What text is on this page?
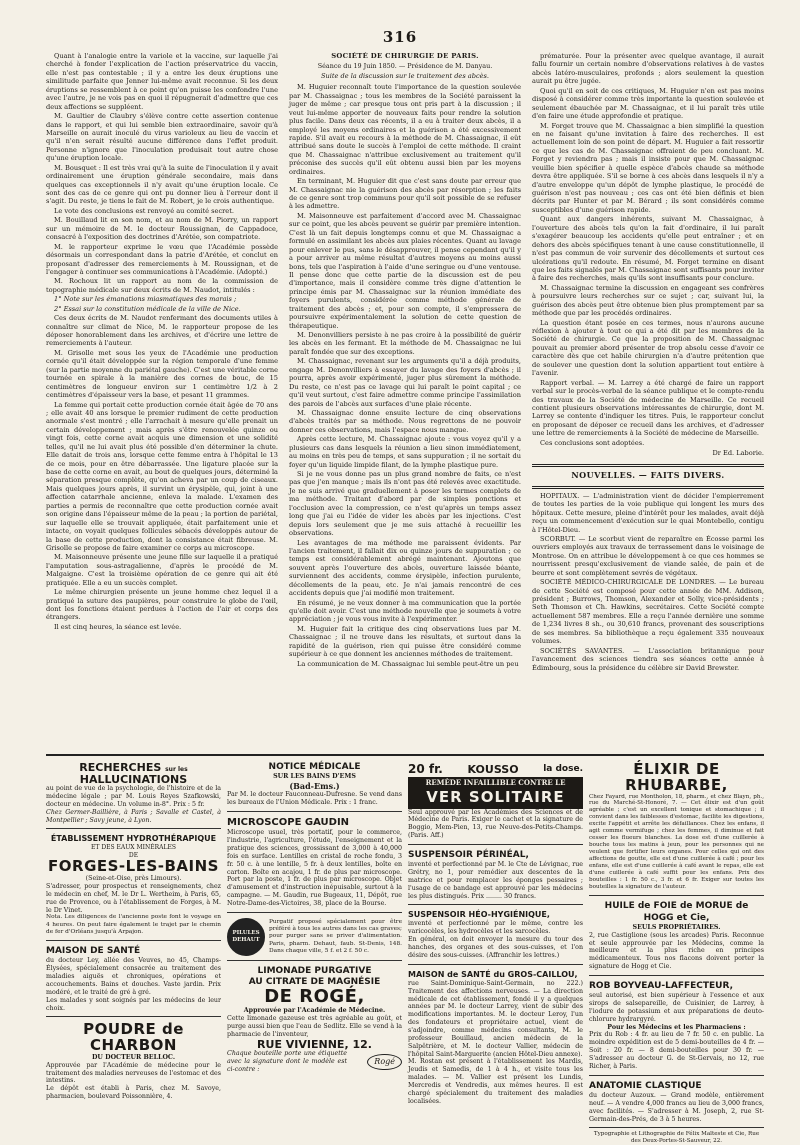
316

Quant à l'analogie entre la variole et la vaccine, sur laquelle j'ai cherché à fonder l'explication de l'action préservatrice du vaccin, elle n'est pas contestable ; il y a entre les deux éruptions une similitude parfaite que Jenner lui-même avait reconnue. Si les deux éruptions se ressemblent à ce point qu'on puisse les confondre l'une avec l'autre, je ne vois pas en quoi il répugnerait d'admettre que ces deux affections se suppléent.

M. Gaultier de Claubry s'élève contre cette assertion contenue dans le rapport, et qui lui semble bien extraordinaire, savoir qu'à Marseille on aurait inoculé du virus varioleux au lieu de vaccin et qu'il n'en serait résulté aucune différence dans l'effet produit. Personne n'ignore que l'inoculation produisait tout autre chose qu'une éruption locale.

M. Bousquet : Il est très vrai qu'à la suite de l'inoculation il y avait ordinairement une éruption générale secondaire, mais dans quelques cas exceptionnels il n'y avait qu'une éruption locale. Ce sont des cas de ce genre qui ont pu donner lieu à l'erreur dont il s'agit. Du reste, je tiens le fait de M. Robert, je le crois authentique.

Le vote des conclusions est renvoyé au comité secret.

M. Bouillaud lit en son nom, et au nom de M. Piorry, un rapport sur un mémoire de M. le docteur Roussignan, de Cappadoce, consacré à l'exposition des doctrines d'Arétée, son compatriote.

M. le rapporteur exprime le vœu que l'Académie possède désormais un correspondant dans la patrie d'Arétée, et conclut en proposant d'adresser des remerciements à M. Roussignan, et de l'engager à continuer ses communications à l'Académie. (Adopté.)

M. Rochoux lit un rapport au nom de la commission de topographie médicale sur deux écrits de M. Naudot, intitulés :

1° Note sur les émanations miasmatiques des marais ;

2° Essai sur la constitution médicale de la ville de Nice.

Ces deux écrits de M. Naudot renfermant des documents utiles à connaître sur climat de Nice, M. le rapporteur propose de les déposer honorablement dans les archives, et d'écrire une lettre de remerciements à l'auteur.

M. Grisolle met sous les yeux de l'Académie une production cornée qu'il était développée sur la région temporale d'une femme (sur la partie moyenne du pariétal gauche). C'est une véritable corne tournée en spirale à la manière des cornes de bouc, de 15 centimètres de longueur environ sur 1 centimètre 1/2 à 2 centimètres d'épaisseur vers la base, et pesant 11 grammes.

La femme qui portait cette production cornée était âgée de 70 ans ; elle avait 40 ans lorsque le premier rudiment de cette production anormale s'est montré ; elle l'arrachait à mesure qu'elle prenait un certain développement ; mais après s'être renouvelée quinze ou vingt fois, cette corne avait acquis une dimension et une solidité telles, qu'il ne lui avait plus été possible d'en déterminer la chute. Elle datait de trois ans, lorsque cette femme entra à l'hôpital le 13 de ce mois, pour en être débarrassée. Une ligature placée sur la base de cette corne en avait, au bout de quelques jours, déterminé la séparation presque complète, qu'on acheva par un coup de ciseaux. Mais quelques jours après, il survint un érysipèle, qui, joint à une affection catarrhale ancienne, enleva la malade. L'examen des parties a permis de reconnaître que cette production cornée avait son origine dans l'épaisseur même de la peau ; la portion de pariétal, sur laquelle elle se trouvait appliquée, était parfaitement unie et intacte, on voyait quelques follicules sébacés développés autour de la base de cette production, dont la consistance était fibreuse. M. Grisolle se propose de faire examiner ce corps au microscope.

M. Maisonneuve présente une jeune fille sur laquelle il a pratiqué l'amputation sous-astragalienne, d'après le procédé de M. Malgaigne. C'est la troisième opération de ce genre qui ait été pratiquée. Elle a eu un succès complet.

Le même chirurgien présente un jeune homme chez lequel il a pratiqué la suture des paupières, pour construire le globe de l'œil, dont les fonctions étaient perdues à l'action de l'air et corps des étrangers.

Il est cinq heures, la séance est levée.

SOCIÉTÉ DE CHIRURGIE DE PARIS.
Séance du 19 Juin 1850. — Présidence de M. Danyau.
Suite de la discussion sur le traitement des abcès.

M. Huguier reconnaît toute l'importance de la question soulevée par M. Chassaignac ; tous les membres de la Société paraissent la juger de même ; car presque tous ont pris part à la discussion ; il veut lui-même apporter de nouveaux faits pour rendre la solution plus facile. Dans deux cas récents, il a eu à traiter deux abcès, il a employé les moyens ordinaires et la guérison a été excessivement rapide. S'il avait eu recours à la méthode de M. Chassaignac, il eût attribué sans doute le succès à l'emploi de cette méthode. Il craint que M. Chassaignac n'attribue exclusivement au traitement qu'il préconise des succès qu'il eût obtenu aussi bien par les moyens ordinaires.

En terminant, M. Huguier dit que c'est sans doute par erreur que M. Chassaignac nie la guérison des abcès par résorption ; les faits de ce genre sont trop communs pour qu'il soit possible de se refuser à les admettre.

M. Maisonneuve est parfaitement d'accord avec M. Chassaignac sur ce point, que les abcès peuvent se guérir par première intention. C'est là un fait depuis longtemps connu et que M. Chassaignac a formulé en assimilant les abcès aux plaies récentes. Quant au lavage pour enlever le pus, sans le désapprouver, il pense cependant qu'il y a pour arriver au même résultat d'autres moyens au moins aussi bons, tels que l'aspiration à l'aide d'une seringue ou d'une ventouse. Il pense donc que cette partie de la discussion est de peu d'importance, mais il considère comme très digne d'attention le principe émis par M. Chassaignac sur la réunion immédiate des foyers purulents, considérée comme méthode générale de traitement des abcès ; et, pour son compte, il s'empressera de poursuivre expérimentalement la solution de cette question de thérapeutique.

M. Denonvilliers persiste à ne pas croire à la possibilité de guérir les abcès en les fermant. Et la méthode de M. Chassaignac ne lui paraît fondée que sur des exceptions.

M. Chassaignac, revenant sur les arguments qu'il a déjà produits, engage M. Denonvilliers à essayer du lavage des foyers d'abcès ; il pourra, après avoir expérimenté, juger plus sûrement la méthode. Du reste, ce n'est pas ce lavage qui lui paraît le point capital ; ce qu'il veut surtout, c'est faire admettre comme principe l'assimilation des parois de l'abcès aux surfaces d'une plaie récente.

M. Chassaignac donne ensuite lecture de cinq observations d'abcès traités par sa méthode. Nous regrettons de ne pouvoir donner ces observations, mais l'espace nous manque.

Après cette lecture, M. Chassaignac ajoute : vous voyez qu'il y a plusieurs cas dans lesquels la réunion a lieu sinon immédiatement, au moins en très peu de temps, et sans suppuration ; il ne sortait du foyer qu'un liquide limpide filant, de la lymphe plastique pure.

Si je ne vous donne pas un plus grand nombre de faits, ce n'est pas que j'en manque ; mais ils n'ont pas été relevés avec exactitude. Je ne suis arrivé que graduellement à poser les termes complets de ma méthode. Traitant d'abord par de simples ponctions et l'occlusion avec la compression, ce n'est qu'après un temps assez long que j'ai eu l'idée de vider les abcès par les injections. C'est depuis lors seulement que je me suis attaché à recueillir les observations.

Les avantages de ma méthode me paraissent évidents. Par l'ancien traitement, il fallait dix ou quinze jours de suppuration ; ce temps est considérablement abrégé maintenant. Ajoutons que souvent après l'ouverture des abcès, ouverture laissée béante, surviennent des accidents, comme érysipèle, infection purulente, décollements de la peau, etc. Je n'ai jamais rencontré de ces accidents depuis que j'ai modifié mon traitement.

En résumé, je ne veux donner à ma communication que la portée qu'elle doit avoir. C'est une méthode nouvelle que je soumets à votre appréciation ; je vous vous invite à l'expérimenter.

M. Huguier fait la critique des cinq observations lues par M. Chassaignac ; il ne trouve dans les résultats, et surtout dans la rapidité de la guérison, rien qui puisse être considéré comme supérieur à ce que donnent les anciennes méthodes de traitement.

La communication de M. Chassaignac lui semble peut-être un peu

prématurée. Pour la présenter avec quelque avantage, il aurait fallu fournir un certain nombre d'observations relatives à de vastes abcès latéro-musculaires, profonds ; alors seulement la question aurait pu être jugée.

Quoi qu'il en soit de ces critiques, M. Huguier n'en est pas moins disposé à considérer comme très importante la question soulevée et seulement ébauchée par M. Chassaignac, et il lui paraît très utile d'en faire une étude approfondie et pratique.

M. Forget trouve que M. Chassaignac a bien simplifié la question en ne faisant qu'une invitation à faire des recherches. Il est actuellement loin de son point de départ. M. Huguier a fait ressortir ce que les cas de M. Chassaignac offraient de peu concluant. M. Forget y reviendra pas ; mais il insiste pour que M. Chassaignac veuille bien spécifier à quelle espèce d'abcès chaude sa méthode devra être appliquée. S'il se borne à ces abcès dans lesquels il n'y a d'autre enveloppe qu'un dépôt de lymphe plastique, le procédé de guérison n'est pas nouveau ; ces cas ont été bien définis et bien décrits par Hunter et par M. Bérard ; ils sont considérés comme susceptibles d'une guérison rapide.

Quant aux dangers inhérents, suivant M. Chassaignac, à l'ouverture des abcès tels qu'on la fait d'ordinaire, il lui paraît s'exagérer beaucoup les accidents qu'elle peut entraîner ; et en dehors des abcès spécifiques tenant à une cause constitutionnelle, il n'est pas commun de voir survenir des décollements et surtout ces ulcérations qu'il redoute. En résumé, M. Forget termine en disant que les faits signalés par M. Chassaignac sont suffisants pour inviter à faire des recherches, mais qu'ils sont insuffisants pour conclure.

M. Chassaignac termine la discussion en engageant ses confrères à poursuivre leurs recherches sur ce sujet ; car, suivant lui, la guérison des abcès peut être obtenue bien plus promptement par sa méthode que par les procédés ordinaires.

La question étant posée en ces termes, nous n'aurons aucune réflexion à ajouter à tout ce qui a été dit par les membres de la Société de chirurgie. Ce que la proposition de M. Chassaignac pouvait au premier abord présenter de trop absolu cesse d'avoir ce caractère dès que cet habile chirurgien n'a d'autre prétention que de soulever une question dont la solution appartient tout entière à l'avenir.

Rapport verbal. — M. Larrey a été chargé de faire un rapport verbal sur le procès-verbal de la séance publique et le compte-rendu des travaux de la Société de médecine de Marseille. Ce recueil contient plusieurs observations intéressantes de chirurgie, dont M. Larrey se contente d'indiquer les titres. Puis, le rapporteur conclut en proposant de déposer ce recueil dans les archives, et d'adresser une lettre de remerciements à la Société de médecine de Marseille.

Ces conclusions sont adoptées.

Dr Ed. Laborie.
NOUVELLES. — FAITS DIVERS.

HOPITAUX. — L'administration vient de décider l'empierrement de toutes les parties de la voie publique qui longent les murs des hôpitaux. Cette mesure, pleine d'intérêt pour les malades, avait déjà reçu un commencement d'exécution sur le quai Montebello, contigu à l'Hôtel-Dieu.

SCORBUT. — Le scorbut vient de reparaître en Écosse parmi les ouvriers employés aux travaux de terrassement dans le voisinage de Montrose. On en attribue le développement à ce que ces hommes se nourrissent presqu'exclusivement de viande salée, de pain et de beurre et sont complètement sevrés de végétaux.

SOCIÉTÉ MÉDICO-CHIRURGICALE DE LONDRES. — Le bureau de cette Société est composé pour cette année de MM. Addison, président ; Burrows, Thomson, Alexander et Solly, vice-présidents ; Seth Thomson et Ch. Hawkins, secrétaires. Cette Société compte actuellement 587 membres. Elle a reçu l'année dernière une somme de 1,234 livres 8 sh., ou 30,610 francs, provenant des souscriptions de ses membres. Sa bibliothèque a reçu également 335 nouveaux volumes.

SOCIÉTÉS SAVANTES. — L'association britannique pour l'avancement des sciences tiendra ses séances cette année à Édimbourg, sous la présidence du célèbre sir David Brewster.

RECHERCHES sur les HALLUCINATIONS

au point de vue de la psychologie, de l'histoire et de la médecine légale ; par M. Louis Reyes Szafkowski, docteur en médecine. Un volume in-8°. Prix : 5 fr.

Chez Germer-Baillière, à Paris ; Savalle et Castel, à Montpellier ; Savy jeune, à Lyon.

ÉTABLISSEMENT HYDROTHÉRAPIQUE
ET DES EAUX MINÉRALES
DE
FORGES-LES-BAINS
(Seine-et-Oise, près Limours).

S'adresser, pour prospectus et renseignements, chez le médecin en chef, M. le Dr L. Wertheim, à Paris, 65, rue de Provence, ou à l'établissement de Forges, à M. le Dr Vinet.

Nota. Les diligences de l'ancienne poste font le voyage en 4 heures. On peut faire également le trajet par le chemin de fer d'Orléans jusqu'à Arpajon.

MAISON DE SANTÉ

du docteur Ley, allée des Veuves, no 45, Champs-Élysées, spécialement consacrée au traitement des maladies aiguës et chroniques, opérations et accouchements. Bains et douches. Vaste jardin. Prix modéré, et le traité de gré à gré.

Les malades y sont soignés par les médecins de leur choix.

POUDRE de CHARBON
DU DOCTEUR BELLOC.

Approuvée par l'Académie de médecine pour le traitement des maladies nerveuses de l'estomac et des intestins.

Le dépôt est établi à Paris, chez M. Savoye, pharmacien, boulevard Poissonnière, 4.

NOTICE MÉDICALE
SUR LES BAINS D'EMS
(Bad-Ems.)

Par M. le docteur Fauconneau-Dufresne. Se vend dans les bureaux de l'Union Médicale. Prix : 1 franc.

MICROSCOPE GAUDIN

Microscope usuel, très portatif, pour le commerce, l'industrie, l'agriculture, l'étude, l'enseignement et la pratique des sciences, grossissant de 3,000 à 40,000 fois en surface. Lentilles en cristal de roche fondu, 3 fr. 50 c. à une lentille, 5 fr. à deux lentilles, boîte en carton. Boîte en acajou, 1 fr. de plus par microscope. Port par la poste, 1 fr. de plus par microscope. Objet d'amusement et d'instruction inépuisable, surtout à la campagne. — M. Gaudin, rue Bugeaux, 11, Dépôt, rue Notre-Dame-des-Victoires, 38, place de la Bourse.

PILULES DEHAUT

Purgatif proposé spécialement pour être préféré à tous les autres dans les cas graves; pour purger sans se priver d'alimentation. Paris, pharm. Dehaut, faub. St-Denis, 148. Dans chaque ville, 5 f. et 2 f. 50 c.

LIMONADE PURGATIVE
AU CITRATE DE MAGNÉSIE
DE ROGÉ,
Approuvée par l'Académie de Médecine.

Cette limonade gazeuse est très agréable au goût, et purge aussi bien que l'eau de Sedlitz. Elle se vend à la pharmacie de l'inventeur,

RUE VIVIENNE, 12.

Chaque bouteille porte une étiquette avec la signature dont le modèle est ci-contre :

Rogé
20 fr. KOUSSO	la dose.
REMÈDE INFAILLIBLE CONTRE LE
VER SOLITAIRE

Seul approuvé par les Académies des Sciences et de Médecine de Paris. Exiger le cachet et la signature de Boggio, Mem-Pien, 13, rue Neuve-des-Petits-Champs. (Paris. Aff.)

SUSPENSOIR PÉRINÉAL,

inventé et perfectionné par M. le Cte de Lévignac, rue Grétry, no 1, pour remédier aux descentes de la matrice et pour remplacer les éponges pessaires ; l'usage de ce bandage est approuvé par les médecins les plus distingués. Prix ........ 30 francs.

SUSPENSOIR HÉO-HYGIÉNIQUE,

inventé et perfectionné par le même, contre les varicocèles, les hydrocèles et les sarcocèles.

En général, on doit envoyer la mesure du tour des hanches, des organes et des sous-cuisses, et l'on désire des sous-cuisses. (Affranchir les lettres.)

MAISON de SANTÉ du GROS-CAILLOU,

rue Saint-Dominique-Saint-Germain, no 222.) Traitement des affections nerveuses. — La direction médicale de cet établissement, fondé il y a quelques années par M. le docteur Larrey, vient de subir des modifications importantes. M. le docteur Leroy, l'un des fondateurs et propriétaire actuel, vient de s'adjoindre, comme médecins consultants, M. le professeur Bouillaud, ancien médecin de la Salpêtrière, et M. le docteur Vallier, médecin de l'hôpital Saint-Marguerite (ancien Hôtel-Dieu annexe).

M. Rostan est présent à l'établissement les Mardis, Jeudis et Samedis, de 1 à 4 h., et visite tous les malades. — M. Vallier est présent les Lundis, Mercredis et Vendredis, aux mêmes heures. Il est chargé spécialement du traitement des maladies localisées.

ÉLIXIR DE RHUBARBE,

Chez Fayard, rue Montholon, 18, pharm., et chez Blayn, ph., rue du Marché-St-Honoré, 7. — Cet élixir est d'un goût agréable ; c'est un excellent tonique et stomachique ; il convient dans les faiblesses d'estomac, facilite les digestions, excite l'appétit et arrête les défaillances. Chez les enfans, il agit comme vermifuge ; chez les femmes, il diminue et fait cesser les flueurs blanches. La dose est d'une cuillerée à bouche tous les matins à jeun, pour les personnes qui ne veulent que fortifier leurs organes. Pour celles qui ont des affections de goutte, elle est d'une cuillerée à café ; pour les enfans, elle est d'une cuillerée à café avant le repas, elle est d'une cuillerée à café suffit pour les enfans. Prix des bouteilles : 1 fr. 50 c., 3 fr. et 6 fr. Exiger sur toutes les bouteilles la signature de l'auteur.

HUILE de FOIE de MORUE de HOGG et Cie,
SEULS PROPRIÉTAIRES.

2, rue Castiglione (sous les arcades) Paris. Reconnue et seule approuvée par les Médecins, comme la meilleure et la plus riche en principes médicamenteux. Tous nos flacons doivent porter la signature de Hogg et Cie.

ROB BOYVEAU-LAFFECTEUR,

seul autorisé, est bien supérieur à l'essence et aux sirops de salsepareille, de Cuisinier, de Larrey, à l'iodure de potassium et aux préparations de deuto-chlorure hydrargyré.

Pour les Médecins et les Pharmaciens :

Prix du Rob : 4 fr. au lieu de 7 fr. 50 c. en public. La moindre expédition est de 5 demi-bouteilles de 4 fr. — Soit : 20 fr. — 8 demi-bouteilles pour 30 fr. — S'adresser au docteur G. de St-Gervais, no 12, rue Richer, à Paris.

ANATOMIE CLASTIQUE

du docteur Auzoux. — Grand modèle, entièrement neuf. — A vendre 4,000 francs au lieu de 3,000 francs, avec facilités. — S'adresser à M. Joseph, 2, rue St-Germain-des-Prés, de 3 à 5 heures.

Typographie et Lithographie de Félix Malteste et Cie, Rue des Deux-Portes-St-Sauveur, 22.
